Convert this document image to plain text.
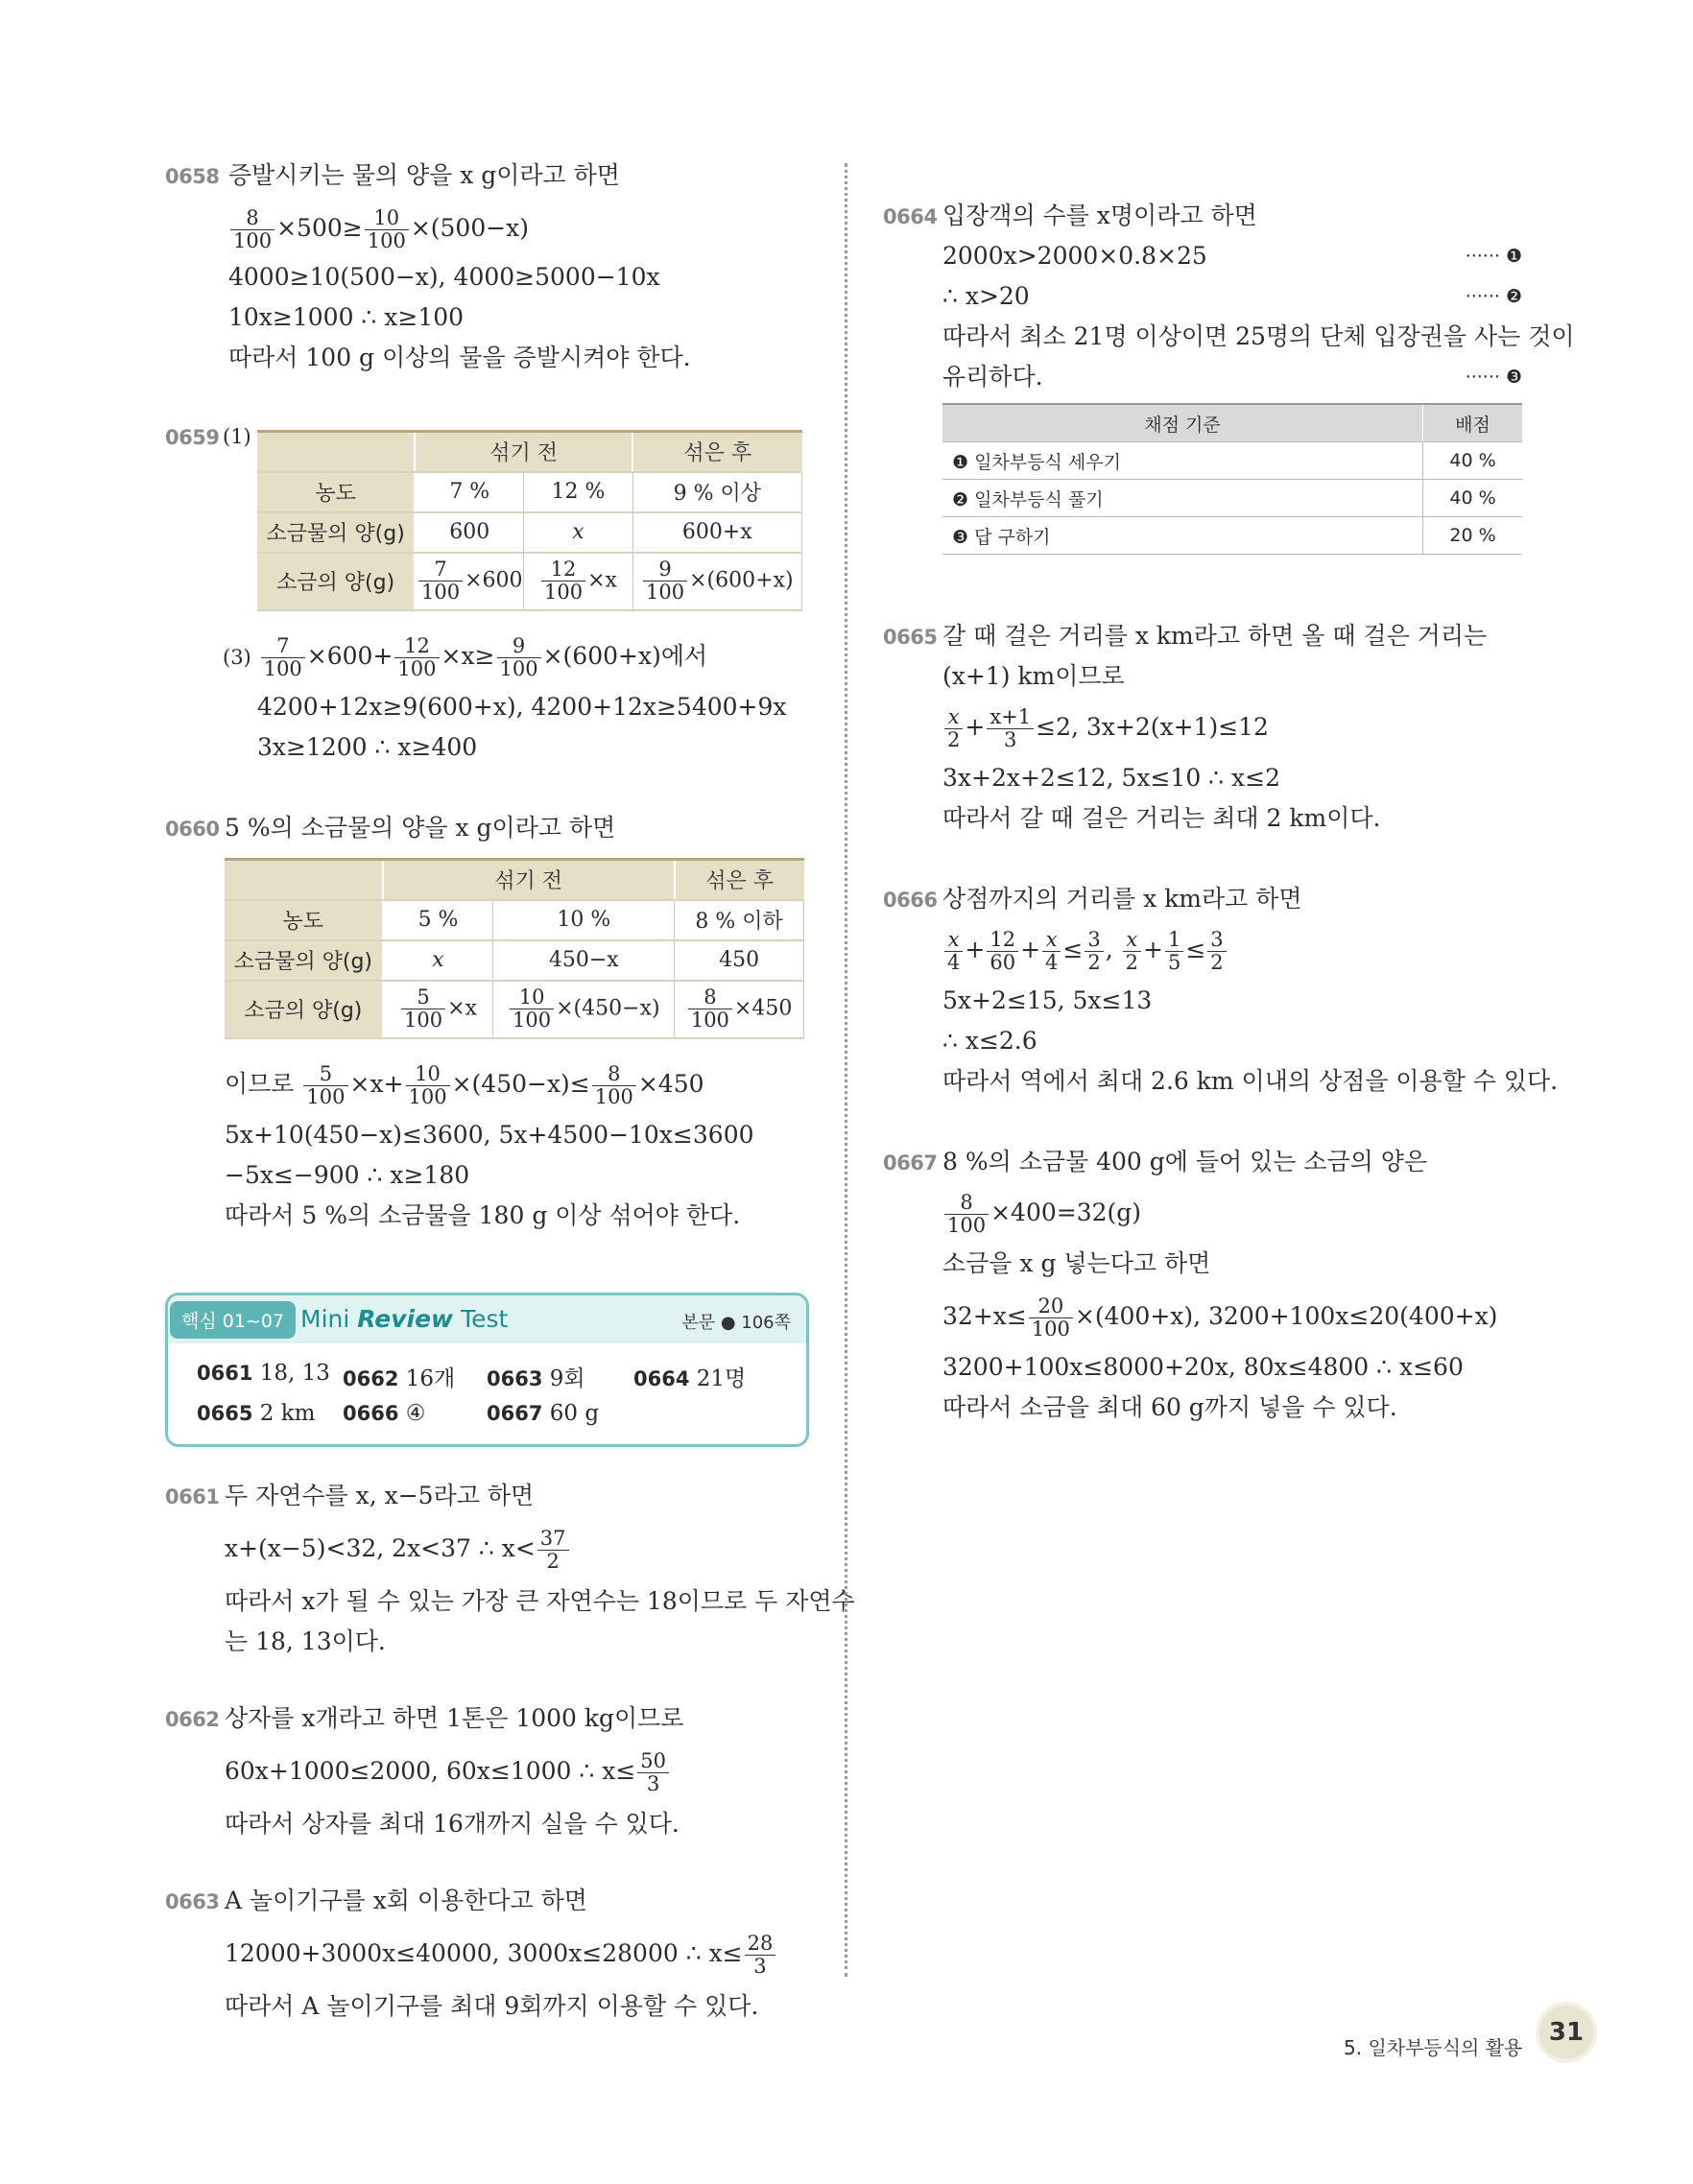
0658 증발시키는 물의 양을 x g이라고 하면
$\frac{8}{100} \times 500\ge \frac{10}{100} \times(500-x)$
4000≥10(500−x), 4000≥5000−10x
10x≥1000 ∴ x≥100
따라서 100 g 이상의 물을 증발시켜야 한다.
0659 (1)
	섞기 전		섞은 후
농도	7 %	12 %	9 % 이상
소금물의 양(g)	600	x	600+x
소금의 양(g)	$\frac{7}{100} \times 600$	$\frac{12}{100} \times x$	$\frac{9}{100} \times(600+x)$
$(3) \frac{7}{100} \times 600+ \frac{12}{100} \times x\ge \frac{9}{100} \times(600+x)$에서
4200+12x≥9(600+x), 4200+12x≥5400+9x
3x≥1200 ∴ x≥400
0660 5 %의 소금물의 양을 x g이라고 하면
	섞기 전		섞은 후
농도	5 %	10 %	8 % 이하
소금물의 양(g)	x	450−x	450
소금의 양(g)	$\frac{5}{100} \times x$	$\frac{10}{100} \times(450-x)$	$\frac{8}{100} \times 450$
이므로 $\frac{5}{100} \times x+ \frac{10}{100} \times(450-x)\le \frac{8}{100} \times 450$
5x+10(450−x)≤3600, 5x+4500−10x≤3600
−5x≤−900 ∴ x≥180
따라서 5 %의 소금물을 180 g 이상 섞어야 한다.
핵심 01~07 Mini Review Test	본문 ● 106쪽
0661 18, 13 0662 16개 0663 9회 0664 21명
0665 2 km 0666 ④	0667 60 g
0661 두 자연수를 x, x−5라고 하면
x+(x−5)<32, 2x<37 ∴ $x< \frac{37}{2}$
따라서 x가 될 수 있는 가장 큰 자연수는 18이므로 두 자연수
는 18, 13이다.
0662 상자를 x개라고 하면 1톤은 1000 kg이므로
60x+1000≤2000, 60x≤1000 ∴ $x\le \frac{50}{3}$
따라서 상자를 최대 16개까지 실을 수 있다.
0663 A 놀이기구를 x회 이용한다고 하면
12000+3000x≤40000, 3000x≤28000 ∴ $x\le \frac{28}{3}$
따라서 A 놀이기구를 최대 9회까지 이용할 수 있다.
0664 입장객의 수를 x명이라고 하면
2000x>2000×0.8×25	······ ❶
∴ x>20	······ ❷
따라서 최소 21명 이상이면 25명의 단체 입장권을 사는 것이
유리하다.	······ ❸
채점 기준	배점
❶ 일차부등식 세우기	40 %
❷ 일차부등식 풀기	40 %
❸ 답 구하기	20 %
0665 갈 때 걸은 거리를 x km라고 하면 올 때 걸은 거리는
(x+1) km이므로
$\frac{x}{2} + \frac{x+1}{3} \le 2$, 3x+2(x+1)≤12
3x+2x+2≤12, 5x≤10 ∴ x≤2
따라서 갈 때 걸은 거리는 최대 2 km이다.
0666 상점까지의 거리를 x km라고 하면
$\frac{x}{4} + \frac{12}{60} + \frac{x}{4} \le \frac{3}{2}$ , $\frac{x}{2} + \frac{1}{5} \le \frac{3}{2}$
5x+2≤15, 5x≤13
∴ x≤2.6
따라서 역에서 최대 2.6 km 이내의 상점을 이용할 수 있다.
0667 8 %의 소금물 400 g에 들어 있는 소금의 양은
$\frac{8}{100} \times 400=32(g)$
소금을 x g 넣는다고 하면
$32+x\le \frac{20}{100} \times(400+x)$, 3200+100x≤20(400+x)
3200+100x≤8000+20x, 80x≤4800 ∴ x≤60
따라서 소금을 최대 60 g까지 넣을 수 있다.
5. 일차부등식의 활용
31
